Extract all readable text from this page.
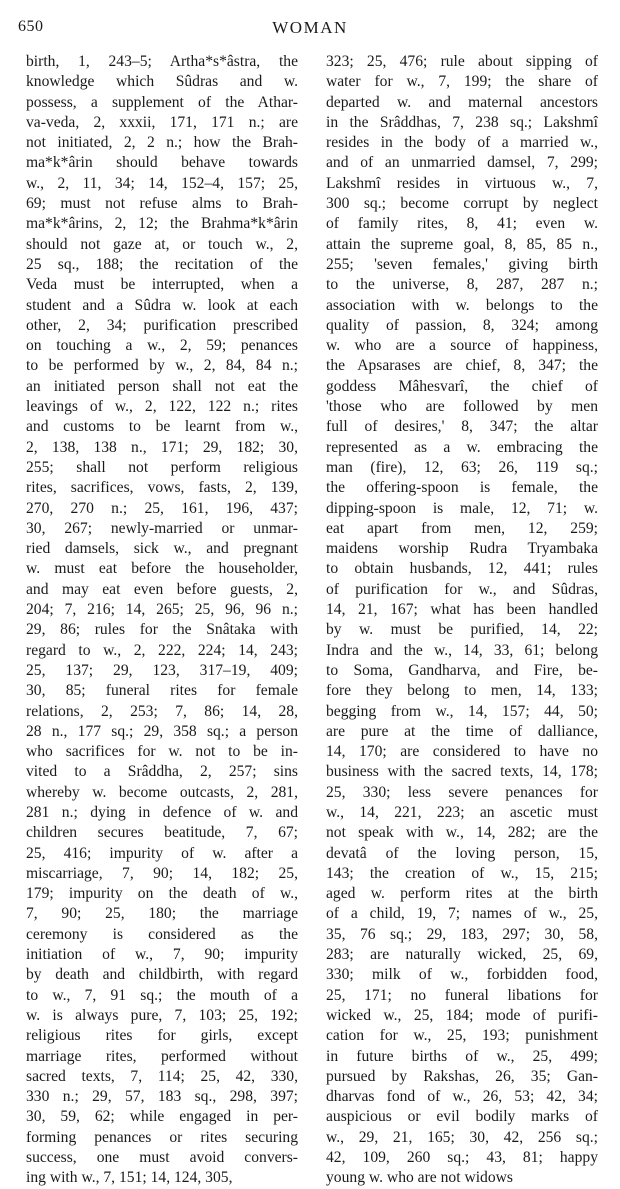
650	WOMAN
birth, 1, 243–5; Artha*s*âstra, the
knowledge which Sûdras and w.
possess, a supplement of the Athar-
va-veda, 2, xxxii, 171, 171 n.; are
not initiated, 2, 2 n.; how the Brah-
ma*k*ârin should behave towards
w., 2, 11, 34; 14, 152–4, 157; 25,
69; must not refuse alms to Brah-
ma*k*ârins, 2, 12; the Brahma*k*ârin
should not gaze at, or touch w., 2,
25 sq., 188; the recitation of the
Veda must be interrupted, when a
student and a Sûdra w. look at each
other, 2, 34; purification prescribed
on touching a w., 2, 59; penances
to be performed by w., 2, 84, 84 n.;
an initiated person shall not eat the
leavings of w., 2, 122, 122 n.; rites
and customs to be learnt from w.,
2, 138, 138 n., 171; 29, 182; 30,
255; shall not perform religious
rites, sacrifices, vows, fasts, 2, 139,
270, 270 n.; 25, 161, 196, 437;
30, 267; newly-married or unmar-
ried damsels, sick w., and pregnant
w. must eat before the householder,
and may eat even before guests, 2,
204; 7, 216; 14, 265; 25, 96, 96 n.;
29, 86; rules for the Snâtaka with
regard to w., 2, 222, 224; 14, 243;
25, 137; 29, 123, 317–19, 409;
30, 85; funeral rites for female
relations, 2, 253; 7, 86; 14, 28,
28 n., 177 sq.; 29, 358 sq.; a person
who sacrifices for w. not to be in-
vited to a Srâddha, 2, 257; sins
whereby w. become outcasts, 2, 281,
281 n.; dying in defence of w. and
children secures beatitude, 7, 67;
25, 416; impurity of w. after a
miscarriage, 7, 90; 14, 182; 25,
179; impurity on the death of w.,
7, 90; 25, 180; the marriage
ceremony is considered as the
initiation of w., 7, 90; impurity
by death and childbirth, with regard
to w., 7, 91 sq.; the mouth of a
w. is always pure, 7, 103; 25, 192;
religious rites for girls, except
marriage rites, performed without
sacred texts, 7, 114; 25, 42, 330,
330 n.; 29, 57, 183 sq., 298, 397;
30, 59, 62; while engaged in per-
forming penances or rites securing
success, one must avoid convers-
ing with w., 7, 151; 14, 124, 305,
323; 25, 476; rule about sipping of
water for w., 7, 199; the share of
departed w. and maternal ancestors
in the Srâddhas, 7, 238 sq.; Lakshmî
resides in the body of a married w.,
and of an unmarried damsel, 7, 299;
Lakshmî resides in virtuous w., 7,
300 sq.; become corrupt by neglect
of family rites, 8, 41; even w.
attain the supreme goal, 8, 85, 85 n.,
255; 'seven females,' giving birth
to the universe, 8, 287, 287 n.;
association with w. belongs to the
quality of passion, 8, 324; among
w. who are a source of happiness,
the Apsarases are chief, 8, 347; the
goddess Mâhesvarî, the chief of
'those who are followed by men
full of desires,' 8, 347; the altar
represented as a w. embracing the
man (fire), 12, 63; 26, 119 sq.;
the offering-spoon is female, the
dipping-spoon is male, 12, 71; w.
eat apart from men, 12, 259;
maidens worship Rudra Tryambaka
to obtain husbands, 12, 441; rules
of purification for w., and Sûdras,
14, 21, 167; what has been handled
by w. must be purified, 14, 22;
Indra and the w., 14, 33, 61; belong
to Soma, Gandharva, and Fire, be-
fore they belong to men, 14, 133;
begging from w., 14, 157; 44, 50;
are pure at the time of dalliance,
14, 170; are considered to have no
business with the sacred texts, 14, 178;
25, 330; less severe penances for
w., 14, 221, 223; an ascetic must
not speak with w., 14, 282; are the
devatâ of the loving person, 15,
143; the creation of w., 15, 215;
aged w. perform rites at the birth
of a child, 19, 7; names of w., 25,
35, 76 sq.; 29, 183, 297; 30, 58,
283; are naturally wicked, 25, 69,
330; milk of w., forbidden food,
25, 171; no funeral libations for
wicked w., 25, 184; mode of purifi-
cation for w., 25, 193; punishment
in future births of w., 25, 499;
pursued by Rakshas, 26, 35; Gan-
dharvas fond of w., 26, 53; 42, 34;
auspicious or evil bodily marks of
w., 29, 21, 165; 30, 42, 256 sq.;
42, 109, 260 sq.; 43, 81; happy
young w. who are not widows
